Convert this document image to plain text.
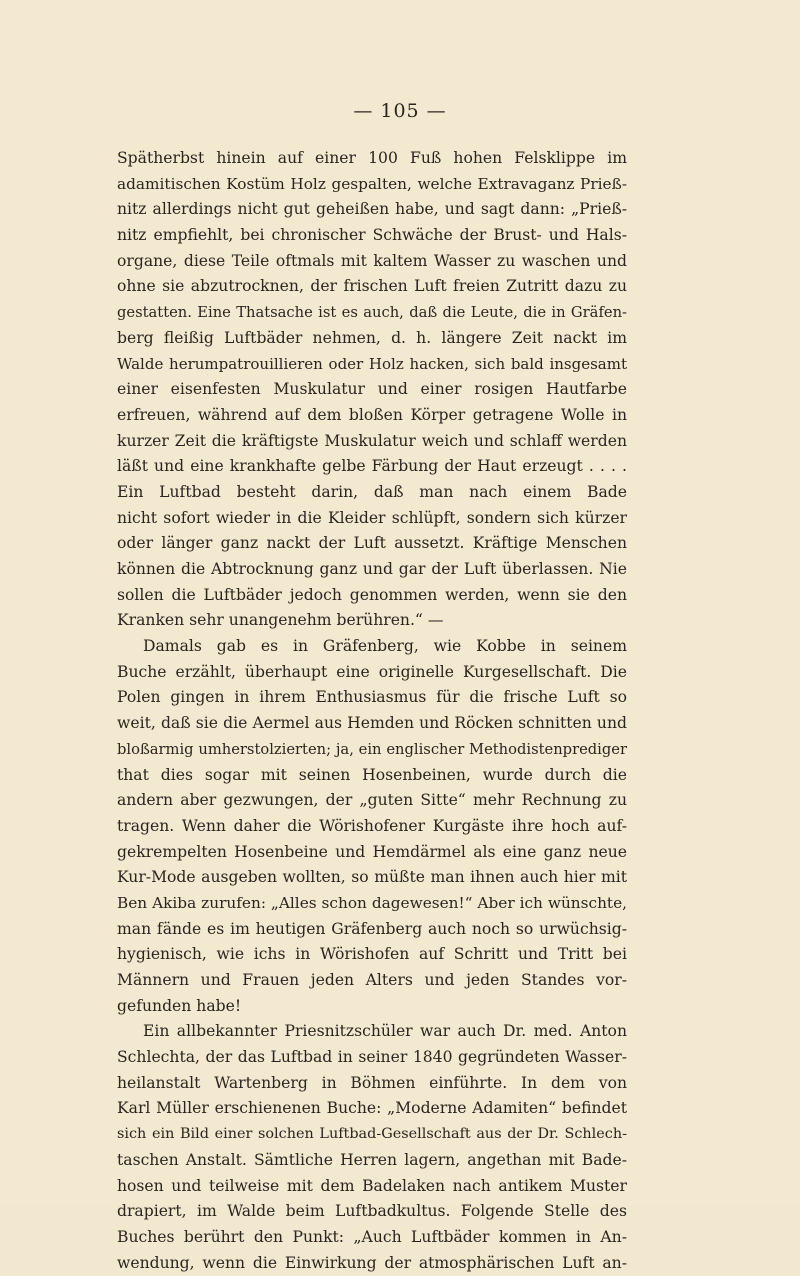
— 105 —
Spätherbst hinein auf einer 100 Fuß hohen Felsklippe im
adamitischen Kostüm Holz gespalten, welche Extravaganz Prieß-
nitz allerdings nicht gut geheißen habe, und sagt dann: „Prieß-
nitz empfiehlt, bei chronischer Schwäche der Brust- und Hals-
organe, diese Teile oftmals mit kaltem Wasser zu waschen und
ohne sie abzutrocknen, der frischen Luft freien Zutritt dazu zu
gestatten. Eine Thatsache ist es auch, daß die Leute, die in Gräfen-
berg fleißig Luftbäder nehmen, d. h. längere Zeit nackt im
Walde herumpatrouillieren oder Holz hacken, sich bald insgesamt
einer eisenfesten Muskulatur und einer rosigen Hautfarbe
erfreuen, während auf dem bloßen Körper getragene Wolle in
kurzer Zeit die kräftigste Muskulatur weich und schlaff werden
läßt und eine krankhafte gelbe Färbung der Haut erzeugt . . . .
Ein Luftbad besteht darin, daß man nach einem Bade
nicht sofort wieder in die Kleider schlüpft, sondern sich kürzer
oder länger ganz nackt der Luft aussetzt. Kräftige Menschen
können die Abtrocknung ganz und gar der Luft überlassen. Nie
sollen die Luftbäder jedoch genommen werden, wenn sie den
Kranken sehr unangenehm berühren.“ —
Damals gab es in Gräfenberg, wie Kobbe in seinem
Buche erzählt, überhaupt eine originelle Kurgesellschaft. Die
Polen gingen in ihrem Enthusiasmus für die frische Luft so
weit, daß sie die Aermel aus Hemden und Röcken schnitten und
bloßarmig umherstolzierten; ja, ein englischer Methodistenprediger
that dies sogar mit seinen Hosenbeinen, wurde durch die
andern aber gezwungen, der „guten Sitte“ mehr Rechnung zu
tragen. Wenn daher die Wörishofener Kurgäste ihre hoch auf-
gekrempelten Hosenbeine und Hemdärmel als eine ganz neue
Kur-Mode ausgeben wollten, so müßte man ihnen auch hier mit
Ben Akiba zurufen: „Alles schon dagewesen!“ Aber ich wünschte,
man fände es im heutigen Gräfenberg auch noch so urwüchsig-
hygienisch, wie ichs in Wörishofen auf Schritt und Tritt bei
Männern und Frauen jeden Alters und jeden Standes vor-
gefunden habe!
Ein allbekannter Priesnitzschüler war auch Dr. med. Anton
Schlechta, der das Luftbad in seiner 1840 gegründeten Wasser-
heilanstalt Wartenberg in Böhmen einführte. In dem von
Karl Müller erschienenen Buche: „Moderne Adamiten“ befindet
sich ein Bild einer solchen Luftbad-Gesellschaft aus der Dr. Schlech-
taschen Anstalt. Sämtliche Herren lagern, angethan mit Bade-
hosen und teilweise mit dem Badelaken nach antikem Muster
drapiert, im Walde beim Luftbadkultus. Folgende Stelle des
Buches berührt den Punkt: „Auch Luftbäder kommen in An-
wendung, wenn die Einwirkung der atmosphärischen Luft an-
